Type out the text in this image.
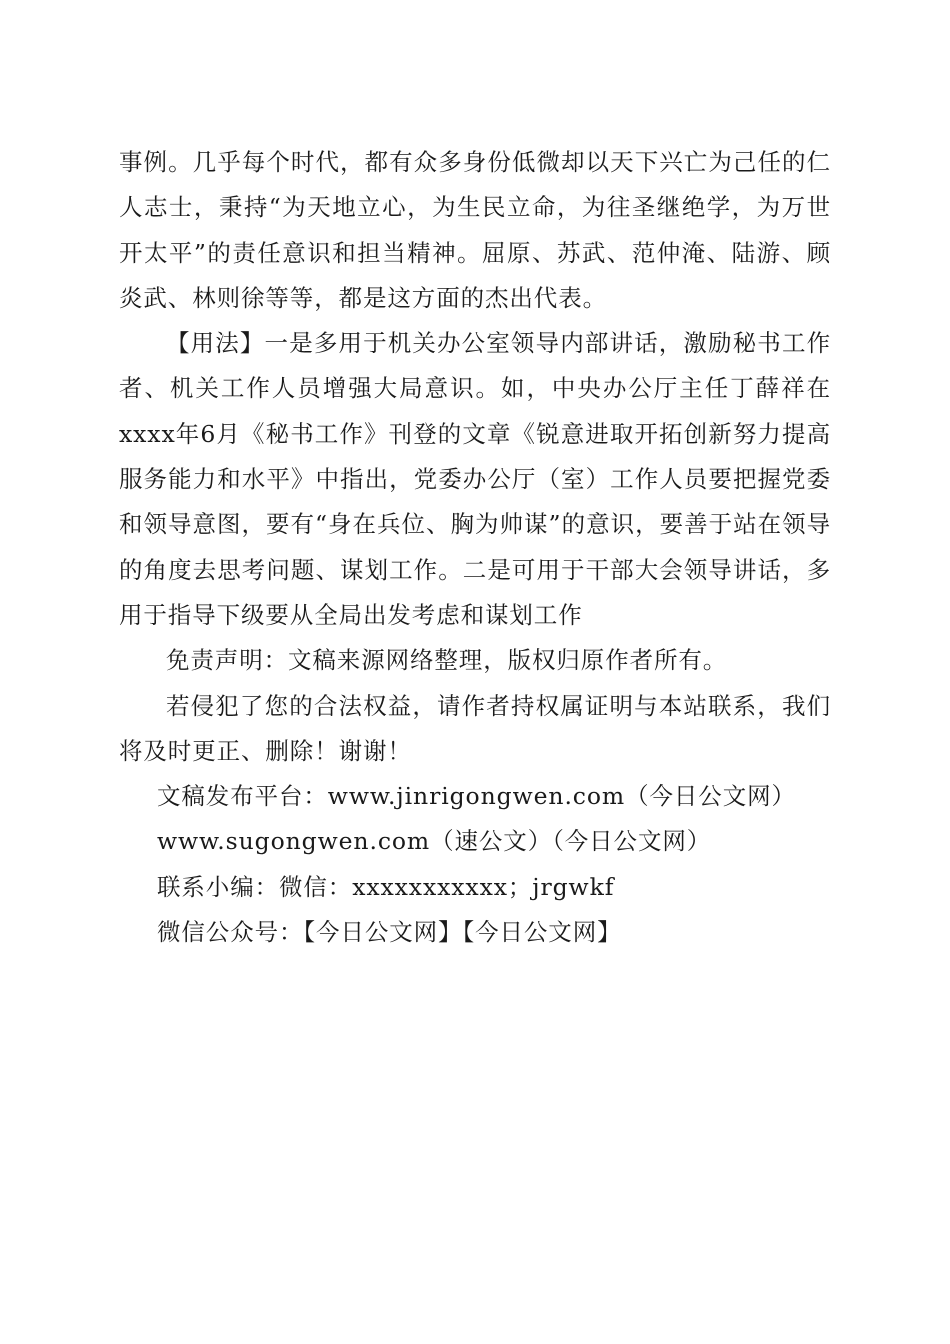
事例。几乎每个时代，都有众多身份低微却以天下兴亡为己任的仁人志士，秉持“为天地立心，为生民立命，为往圣继绝学，为万世开太平”的责任意识和担当精神。屈原、苏武、范仲淹、陆游、顾炎武、林则徐等等，都是这方面的杰出代表。

【用法】一是多用于机关办公室领导内部讲话，激励秘书工作者、机关工作人员增强大局意识。如，中央办公厅主任丁薛祥在xxxx年6月《秘书工作》刊登的文章《锐意进取开拓创新努力提高服务能力和水平》中指出，党委办公厅（室）工作人员要把握党委和领导意图，要有“身在兵位、胸为帅谋”的意识，要善于站在领导的角度去思考问题、谋划工作。二是可用于干部大会领导讲话，多用于指导下级要从全局出发考虑和谋划工作

免责声明：文稿来源网络整理，版权归原作者所有。

若侵犯了您的合法权益，请作者持权属证明与本站联系，我们将及时更正、删除！谢谢！

文稿发布平台：www.jinrigongwen.com（今日公文网）

www.sugongwen.com（速公文）（今日公文网）

联系小编：微信：xxxxxxxxxxx；jrgwkf

微信公众号：【今日公文网】【今日公文网】
